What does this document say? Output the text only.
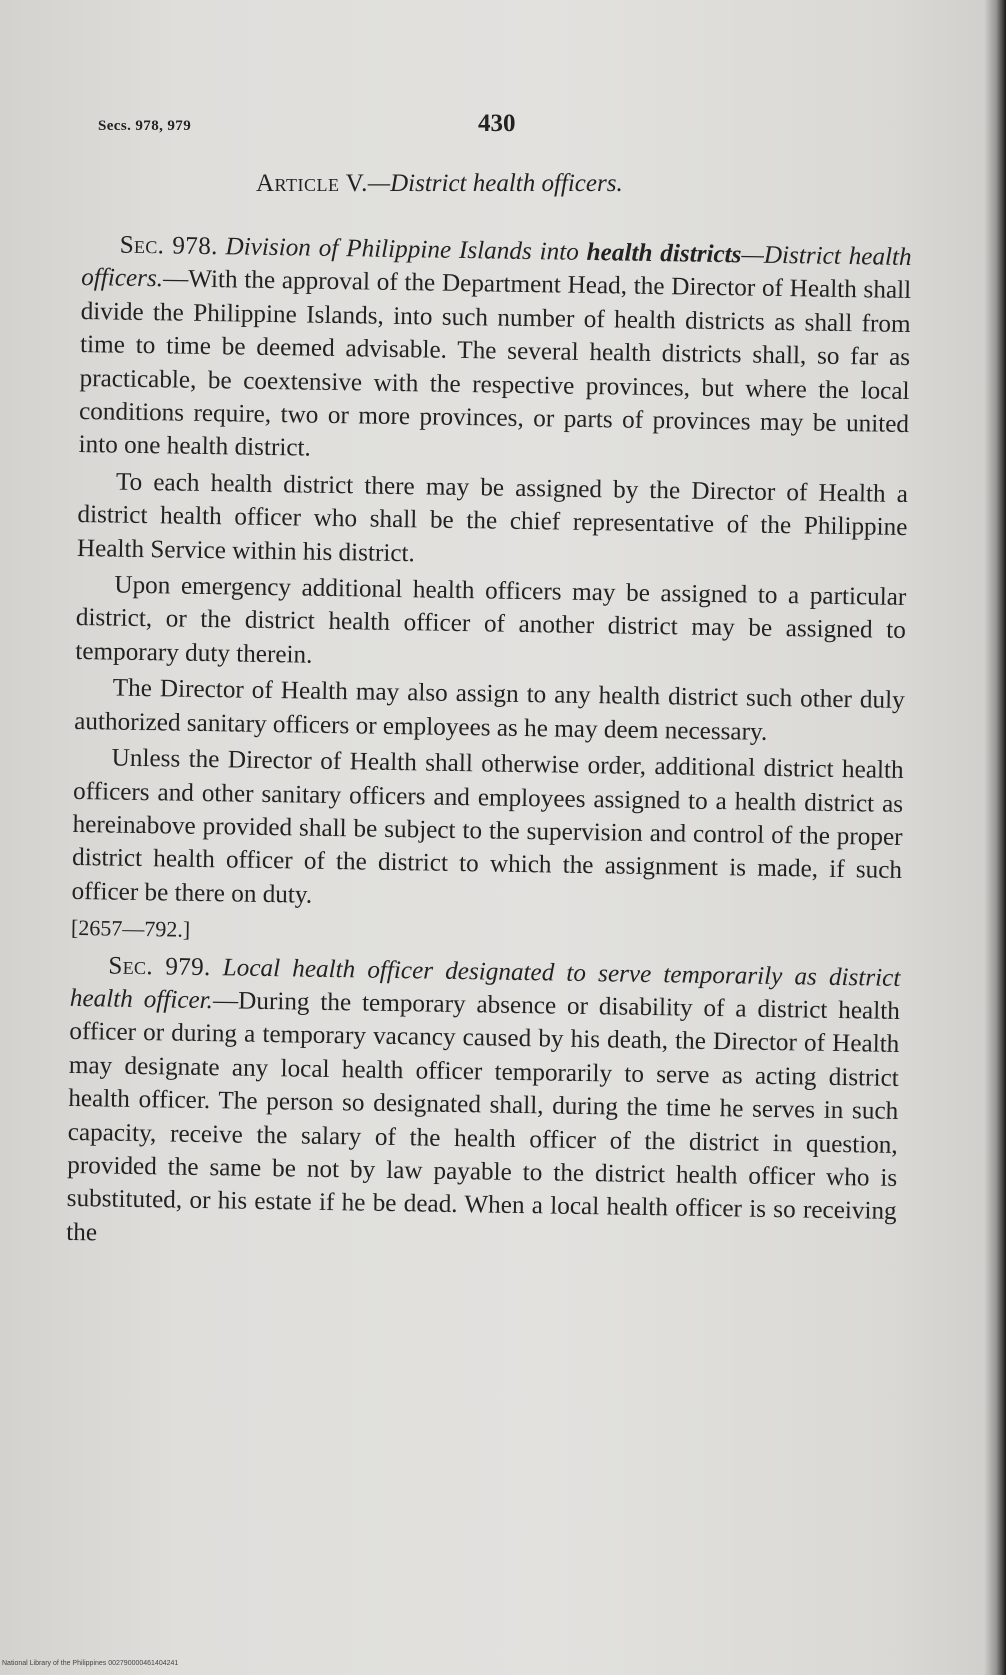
Secs. 978, 979	430
Article V.—District health officers.

Sec. 978. Division of Philippine Islands into health districts—District health officers.—With the approval of the Department Head, the Director of Health shall divide the Philippine Islands, into such number of health districts as shall from time to time be deemed advisable. The several health districts shall, so far as practicable, be coextensive with the respective provinces, but where the local conditions require, two or more provinces, or parts of provinces may be united into one health district.

To each health district there may be assigned by the Director of Health a district health officer who shall be the chief representative of the Philippine Health Service within his district.

Upon emergency additional health officers may be assigned to a particular district, or the district health officer of another district may be assigned to temporary duty therein.

The Director of Health may also assign to any health district such other duly authorized sanitary officers or employees as he may deem necessary.

Unless the Director of Health shall otherwise order, additional district health officers and other sanitary officers and employees assigned to a health district as hereinabove provided shall be subject to the supervision and control of the proper district health officer of the district to which the assignment is made, if such officer be there on duty.

[2657—792.]

Sec. 979. Local health officer designated to serve temporarily as district health officer.—During the temporary absence or disability of a district health officer or during a temporary vacancy caused by his death, the Director of Health may designate any local health officer temporarily to serve as acting district health officer. The person so designated shall, during the time he serves in such capacity, receive the salary of the health officer of the district in question, provided the same be not by law payable to the district health officer who is substituted, or his estate if he be dead. When a local health officer is so receiving the

National Library of the Philippines 002790000461404241
